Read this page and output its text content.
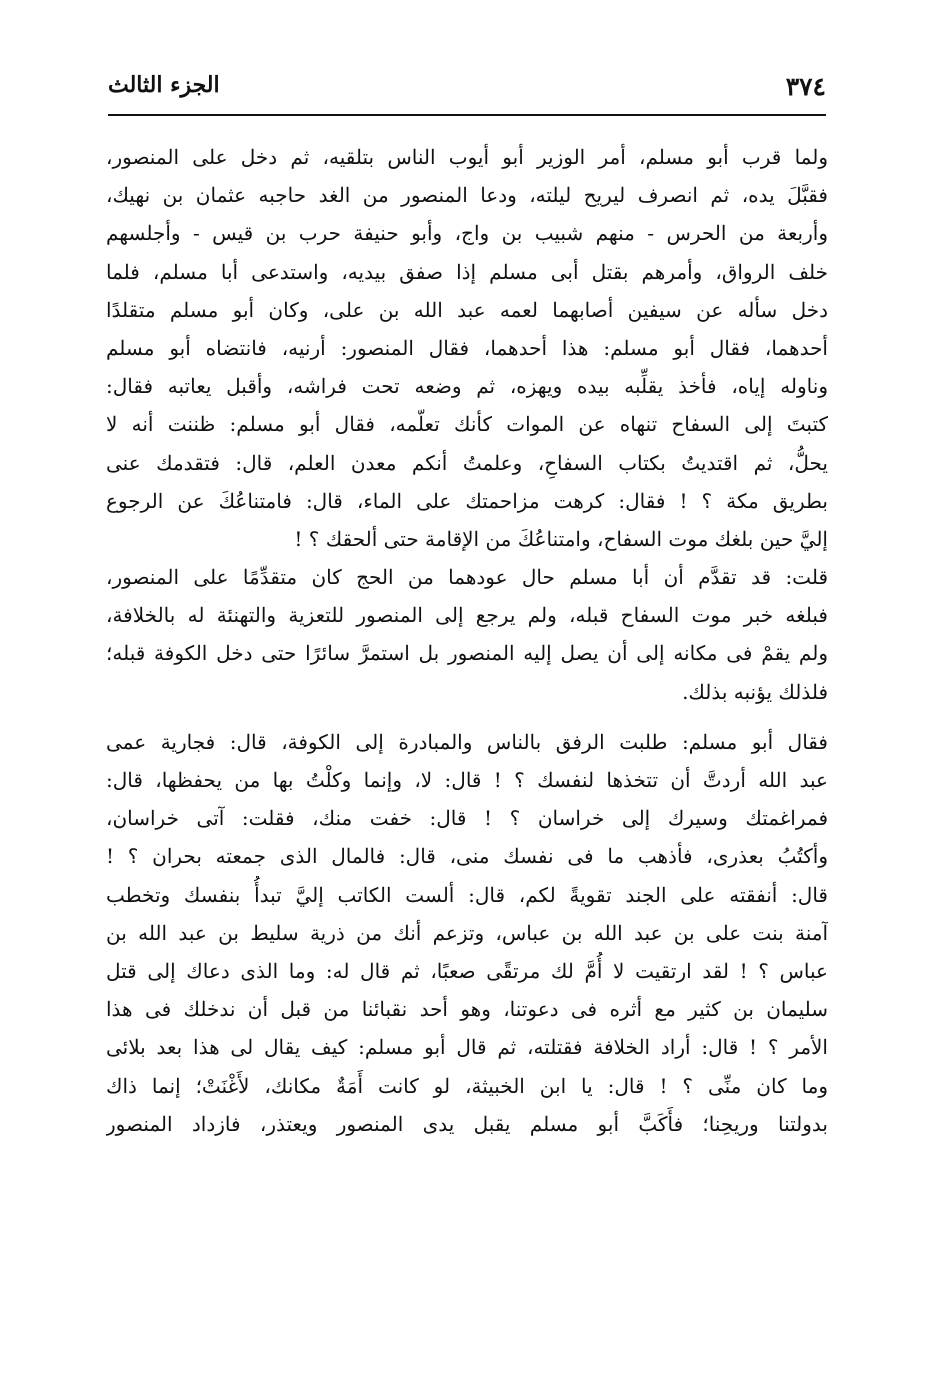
٣٧٤
الجزء الثالث
ولما قرب أبو مسلم، أمر الوزير أبو أيوب الناس بتلقيه، ثم دخل على المنصور،
فقبَّلَ يده، ثم انصرف ليريح ليلته، ودعا المنصور من الغد حاجبه عثمان بن نهيك،
وأربعة من الحرس - منهم شبيب بن واج، وأبو حنيفة حرب بن قيس - وأجلسهم
خلف الرواق، وأمرهم بقتل أبى مسلم إذا صفق بيديه، واستدعى أبا مسلم، فلما
دخل سأله عن سيفين أصابهما لعمه عبد الله بن على، وكان أبو مسلم متقلدًا
أحدهما، فقال أبو مسلم: هذا أحدهما، فقال المنصور: أرنيه، فانتضاه أبو مسلم
وناوله إياه، فأخذ يقلِّبه بيده ويهزه، ثم وضعه تحت فراشه، وأقبل يعاتبه فقال:
كتبتَ إلى السفاح تنهاه عن الموات كأنك تعلّمه، فقال أبو مسلم: ظننت أنه لا
يحلُّ، ثم اقتديتُ بكتاب السفاحِ، وعلمتُ أنكم معدن العلم، قال: فتقدمك عنى
بطريق مكة ؟ ! فقال: كرهت مزاحمتك على الماء، قال: فامتناعُكَ عن الرجوع
إليَّ حين بلغك موت السفاح، وامتناعُكَ من الإقامة حتى ألحقك ؟ !
قلت: قد تقدَّم أن أبا مسلم حال عودهما من الحج كان متقدِّمًا على المنصور،
فبلغه خبر موت السفاح قبله، ولم يرجع إلى المنصور للتعزية والتهنئة له بالخلافة،
ولم يقمْ فى مكانه إلى أن يصل إليه المنصور بل استمرَّ سائرًا حتى دخل الكوفة قبله؛
فلذلك يؤنبه بذلك.
فقال أبو مسلم: طلبت الرفق بالناس والمبادرة إلى الكوفة، قال: فجارية عمى
عبد الله أردتَّ أن تتخذها لنفسك ؟ ! قال: لا، وإنما وكلْتُ بها من يحفظها، قال:
فمراغمتك وسيرك إلى خراسان ؟ ! قال: خفت منك، فقلت: آتى خراسان،
وأكتُبُ بعذرى، فأذهب ما فى نفسك منى، قال: فالمال الذى جمعته بحران ؟ !
قال: أنفقته على الجند تقويةً لكم، قال: ألست الكاتب إليَّ تبدأُ بنفسك وتخطب
آمنة بنت على بن عبد الله بن عباس، وتزعم أنك من ذرية سليط بن عبد الله بن
عباس ؟ ! لقد ارتقيت لا أُمَّ لك مرتقًى صعبًا، ثم قال له: وما الذى دعاك إلى قتل
سليمان بن كثير مع أثره فى دعوتنا، وهو أحد نقبائنا من قبل أن ندخلك فى هذا
الأمر ؟ ! قال: أراد الخلافة فقتلته، ثم قال أبو مسلم: كيف يقال لى هذا بعد بلائى
وما كان منِّى ؟ ! قال: يا ابن الخبيثة، لو كانت أَمَةٌ مكانك، لأَغْنَتْ؛ إنما ذاك
بدولتنا وريحِنا؛ فأَكَبَّ أبو مسلم يقبل يدى المنصور ويعتذر، فازداد المنصور
